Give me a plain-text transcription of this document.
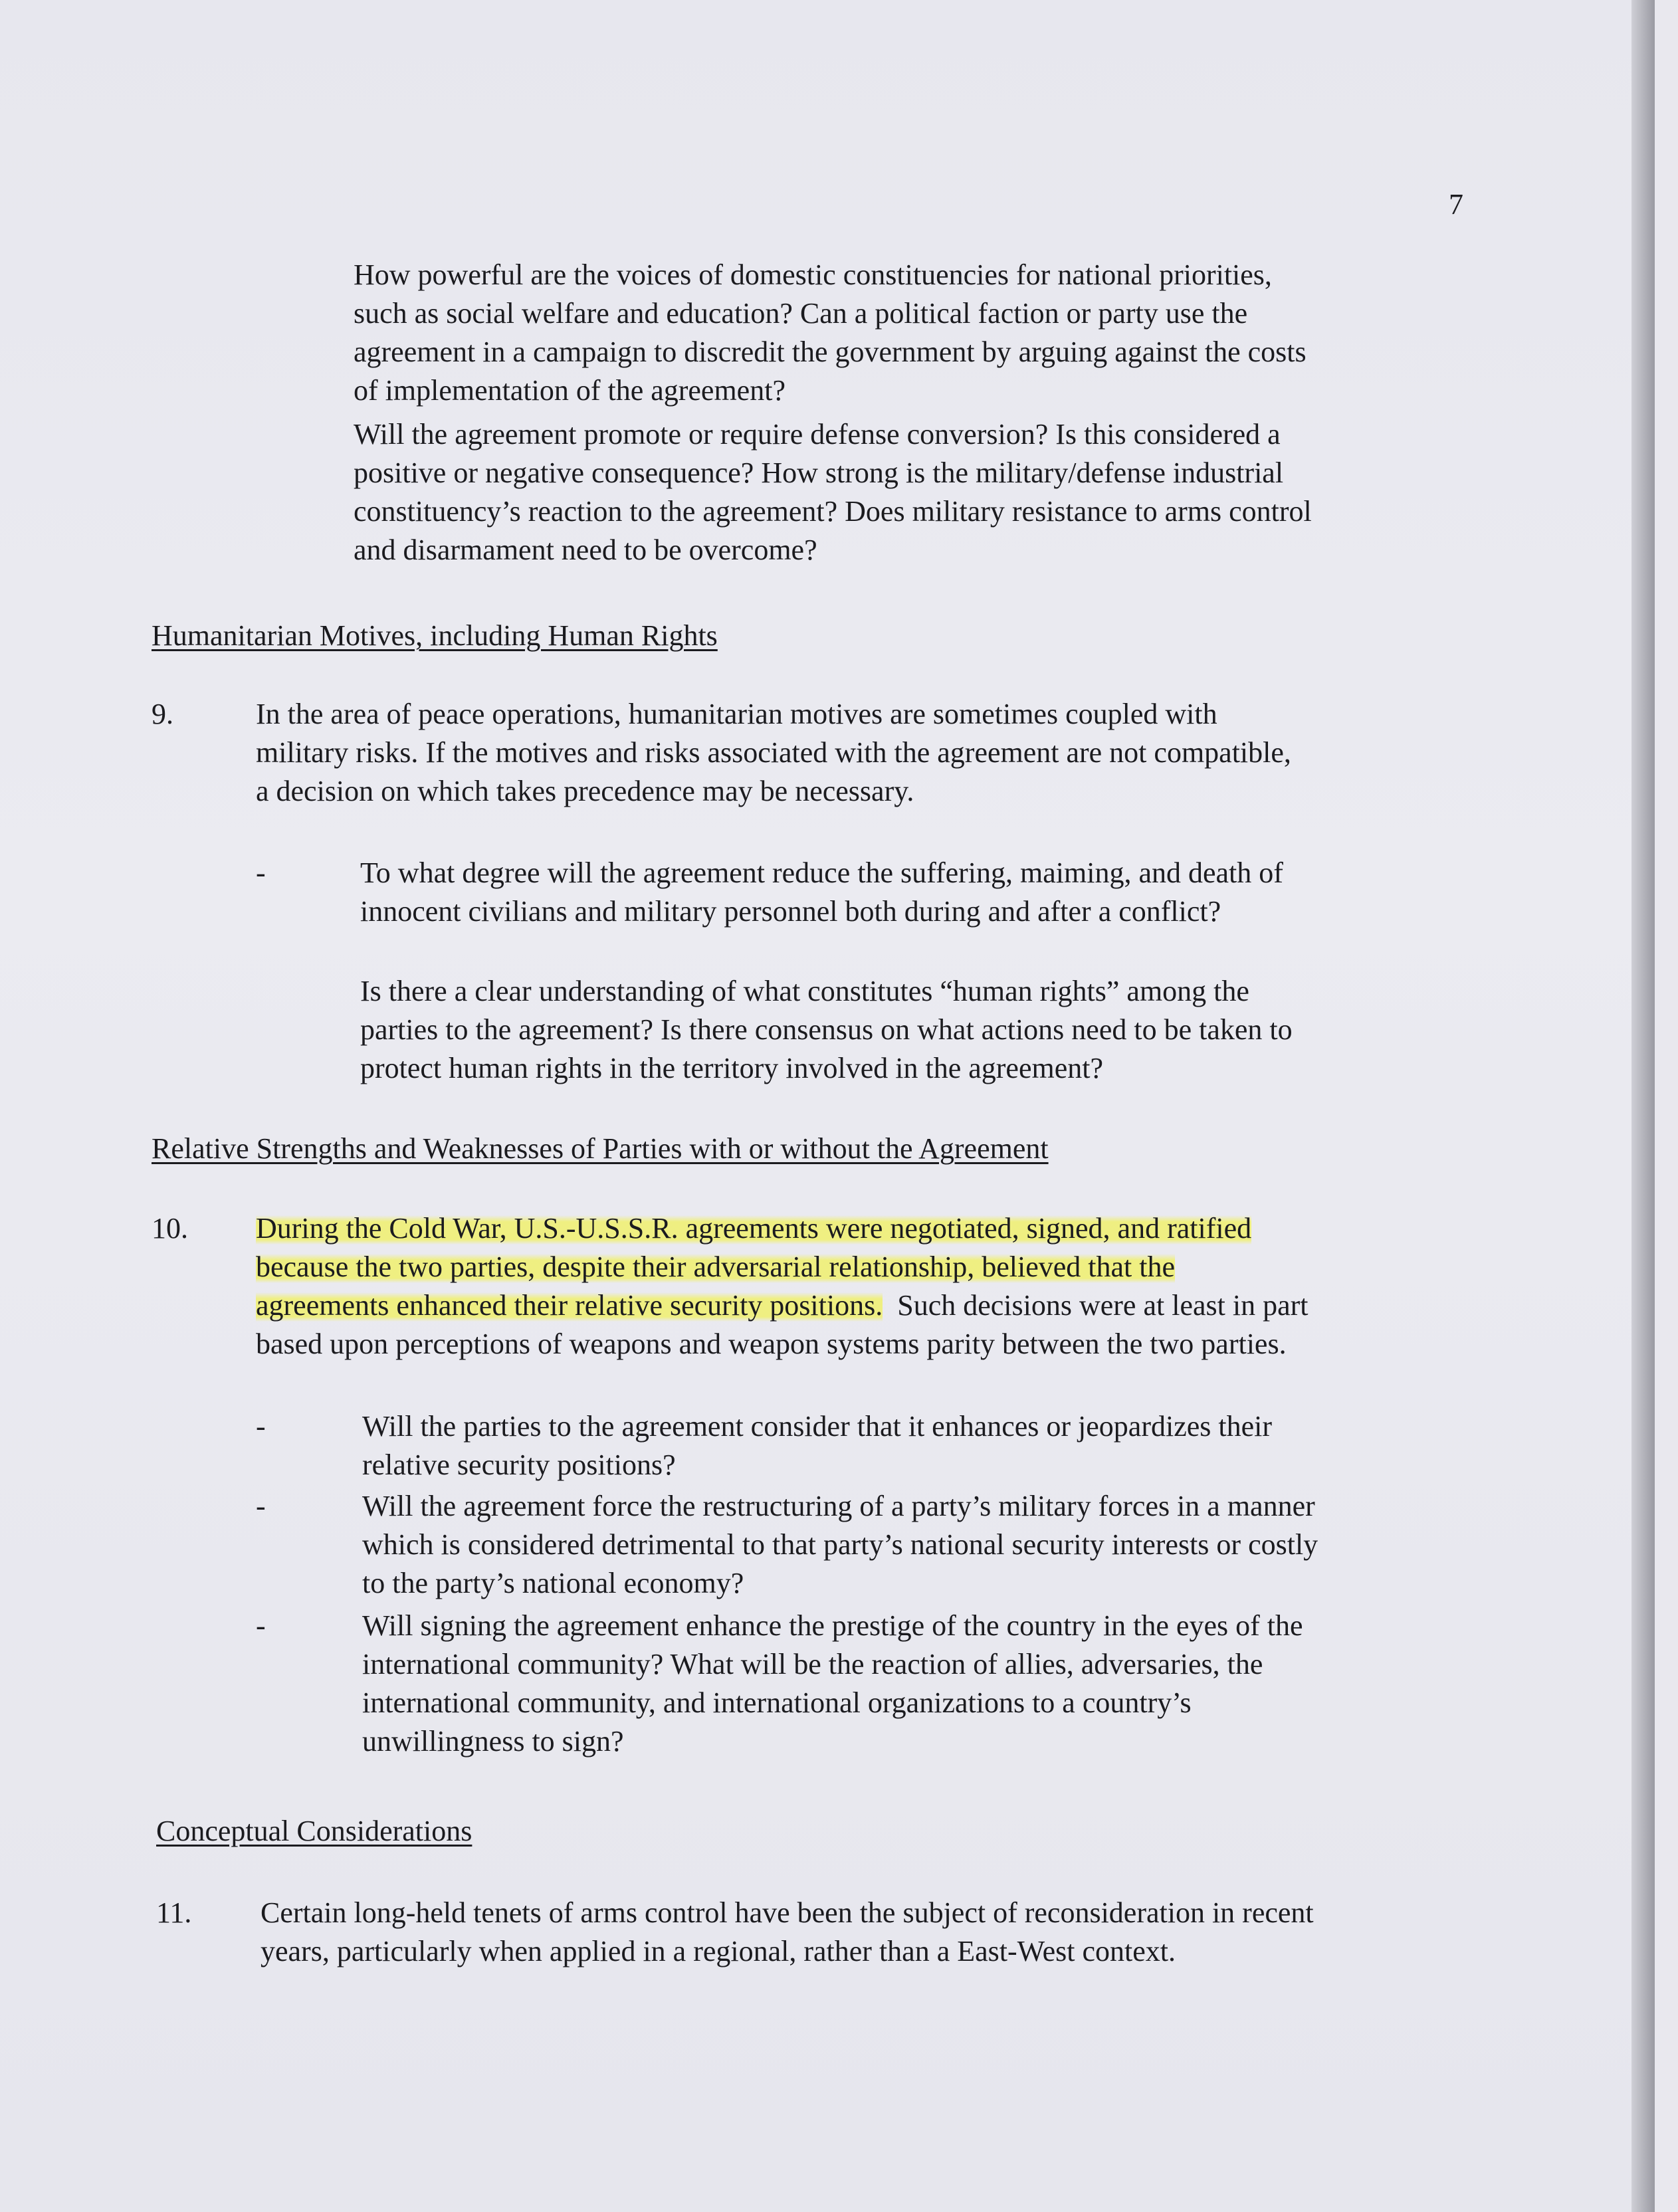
7
How powerful are the voices of domestic constituencies for national priorities,
such as social welfare and education? Can a political faction or party use the
agreement in a campaign to discredit the government by arguing against the costs
of implementation of the agreement?
Will the agreement promote or require defense conversion? Is this considered a
positive or negative consequence? How strong is the military/defense industrial
constituency’s reaction to the agreement? Does military resistance to arms control
and disarmament need to be overcome?
Humanitarian Motives, including Human Rights
9.	In the area of peace operations, humanitarian motives are sometimes coupled with
military risks. If the motives and risks associated with the agreement are not compatible,
a decision on which takes precedence may be necessary.
-	To what degree will the agreement reduce the suffering, maiming, and death of
innocent civilians and military personnel both during and after a conflict?
Is there a clear understanding of what constitutes “human rights” among the
parties to the agreement? Is there consensus on what actions need to be taken to
protect human rights in the territory involved in the agreement?
Relative Strengths and Weaknesses of Parties with or without the Agreement
10. During the Cold War, U.S.-U.S.S.R. agreements were negotiated, signed, and ratified
because the two parties, despite their adversarial relationship, believed that the
agreements enhanced their relative security positions.  Such decisions were at least in part
based upon perceptions of weapons and weapon systems parity between the two parties.
-	Will the parties to the agreement consider that it enhances or jeopardizes their
relative security positions?
-	Will the agreement force the restructuring of a party’s military forces in a manner
which is considered detrimental to that party’s national security interests or costly
to the party’s national economy?
-	Will signing the agreement enhance the prestige of the country in the eyes of the
international community? What will be the reaction of allies, adversaries, the
international community, and international organizations to a country’s
unwillingness to sign?
Conceptual Considerations
11. Certain long-held tenets of arms control have been the subject of reconsideration in recent
years, particularly when applied in a regional, rather than a East-West context.
